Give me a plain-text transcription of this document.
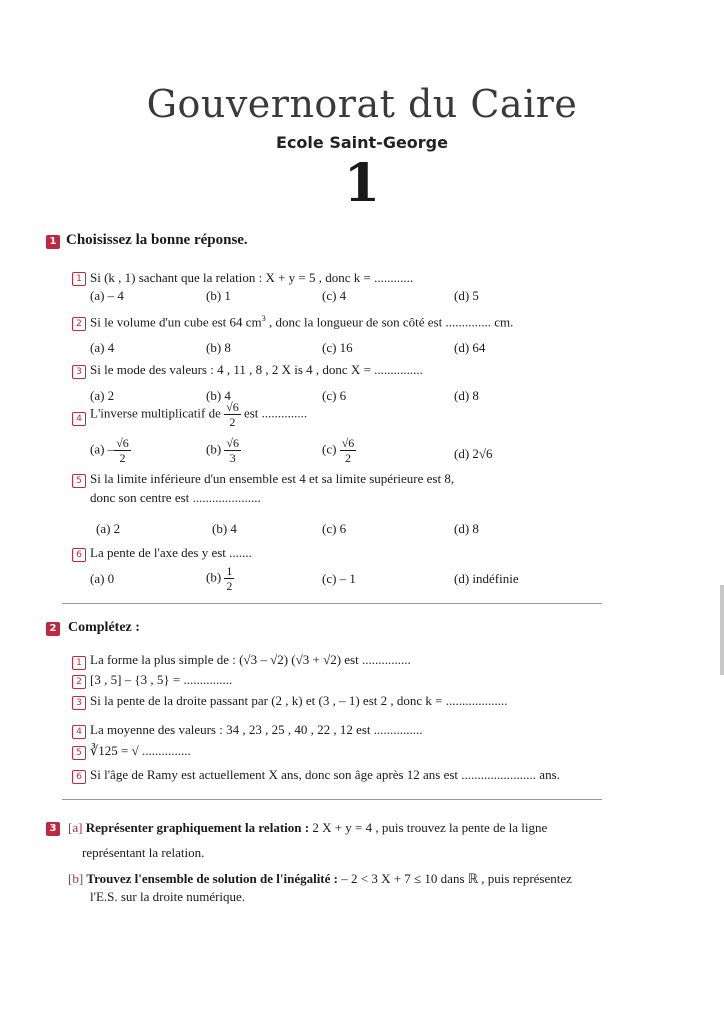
Gouvernorat du Caire
Ecole Saint-George
1
1 Choisissez la bonne réponse.
1 Si (k , 1) sachant que la relation : X + y = 5 , donc k = ............
(a) – 4	(b) 1	(c) 4	(d) 5
2 Si le volume d'un cube est 64 $cm^3$ , donc la longueur de son côté est .............. cm.
(a) 4	(b) 8	(c) 16	(d) 64
3 Si le mode des valeurs : 4 , 11 , 8 , 2 X is 4 , donc X = ...............
(a) 2	(b) 4	(c) 6	(d) 8
4 L'inverse multiplicatif de $\frac{√6}{2}$ est ..............
$(a) - \frac{√6}{2}$	$(b) \frac{√6}{3}$	$(c) \frac{√6}{2}$	(d) 2√6
5 Si la limite inférieure d'un ensemble est 4 et sa limite supérieure est 8,
donc son centre est .....................
(a) 2	(b) 4	(c) 6	(d) 8
6 La pente de l'axe des y est .......
(a) 0	$(b) \frac{1}{2}$	(c) – 1	(d) indéfinie
2 Complétez :
1 La forme la plus simple de : (√3 – √2) (√3 + √2) est ...............
2 [3 , 5] – {3 , 5} = ...............
3 Si la pente de la droite passant par (2 , k) et (3 , – 1) est 2 , donc k = ...................
4 La moyenne des valeurs : 34 , 23 , 25 , 40 , 22 , 12 est ...............
5 ∛125 = √ ...............
6 Si l'âge de Ramy est actuellement X ans, donc son âge après 12 ans est ....................... ans.
3 [a] Représenter graphiquement la relation : 2 X + y = 4 , puis trouvez la pente de la ligne
représentant la relation.
[b] Trouvez l'ensemble de solution de l'inégalité : – 2 < 3 X + 7 ≤ 10 dans ℝ , puis représentez
l'E.S. sur la droite numérique.
